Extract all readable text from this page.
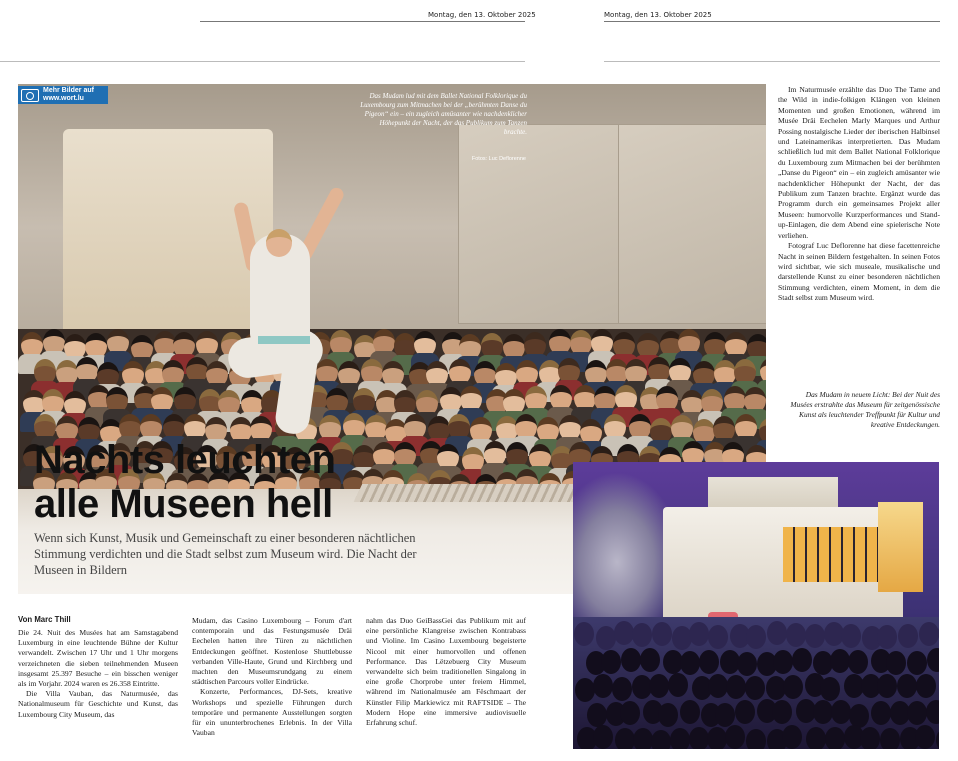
Montag, den 13. Oktober 2025	Montag, den 13. Oktober 2025
Mehr Bilder auf
www.wort.lu	Das Mudam lud mit dem Ballet National Folklorique du Luxembourg zum Mitmachen bei der „berühmten Danse du Pigeon“ ein – ein zugleich amüsanter wie nachdenklicher Höhepunkt der Nacht, der das Publikum zum Tanzen brachte.
Fotos: Luc Deflorenne
Nachts leuchten
alle Museen hell
Wenn sich Kunst, Musik und Gemeinschaft zu einer besonderen nächtlichen Stimmung verdichten und die Stadt selbst zum Museum wird. Die Nacht der Museen in Bildern

Im Naturmusée erzählte das Duo The Tame and the Wild in indie-folkigen Klängen von kleinen Momenten und großen Emotionen, während im Musée Dräi Eechelen Marly Marques und Arthur Possing nostalgische Lieder der iberischen Halbinsel und Lateinamerikas interpretierten. Das Mudam schließlich lud mit dem Ballet National Folklorique du Luxembourg zum Mitmachen bei der berühmten „Danse du Pigeon“ ein – ein zugleich amüsanter wie nachdenklicher Höhepunkt der Nacht, der das Publikum zum Tanzen brachte. Ergänzt wurde das Programm durch ein gemeinsames Projekt aller Museen: humorvolle Kurzperformances und Stand-up-Einlagen, die dem Abend eine spielerische Note verliehen.

Fotograf Luc Deflorenne hat diese facettenreiche Nacht in seinen Bildern festgehalten. In seinen Fotos wird sichtbar, wie sich museale, musikalische und darstellende Kunst zu einer besonderen nächtlichen Stimmung verdichten, einem Moment, in dem die Stadt selbst zum Museum wird.

Das Mudam in neuem Licht: Bei der Nuit des Musées erstrahlte das Museum für zeitgenössische Kunst als leuchtender Treffpunkt für Kultur und kreative Entdeckungen.
Von Marc Thill

Die 24. Nuit des Musées hat am Samstagabend Luxemburg in eine leuchtende Bühne der Kultur verwandelt. Zwischen 17 Uhr und 1 Uhr morgens verzeichneten die sieben teilnehmenden Museen insgesamt 25.397 Besuche – ein bisschen weniger als im Vorjahr. 2024 waren es 26.358 Eintritte.

Die Villa Vauban, das Naturmusée, das Nationalmuseum für Geschichte und Kunst, das Luxembourg City Museum, das

Mudam, das Casino Luxembourg – Forum d'art contemporain und das Festungsmusée Dräi Eechelen hatten ihre Türen zu nächtlichen Entdeckungen geöffnet. Kostenlose Shuttlebusse verbanden Ville-Haute, Grund und Kirchberg und machten den Museumsrundgang zu einem städtischen Parcours voller Eindrücke.

Konzerte, Performances, DJ-Sets, kreative Workshops und spezielle Führungen durch temporäre und permanente Ausstellungen sorgten für ein ununterbrochenes Erlebnis. In der Villa Vauban

nahm das Duo GeiBassGei das Publikum mit auf eine persönliche Klangreise zwischen Kontrabass und Violine. Im Casino Luxembourg begeisterte Nicool mit einer humorvollen und offenen Performance. Das Lëtzebuerg City Museum verwandelte sich beim traditionellen Singalong in eine große Chorprobe unter freiem Himmel, während im Nationalmusée am Fëschmaart der Künstler Filip Markiewicz mit RAFTSIDE – The Modern Hope eine immersive audiovisuelle Erfahrung schuf.
